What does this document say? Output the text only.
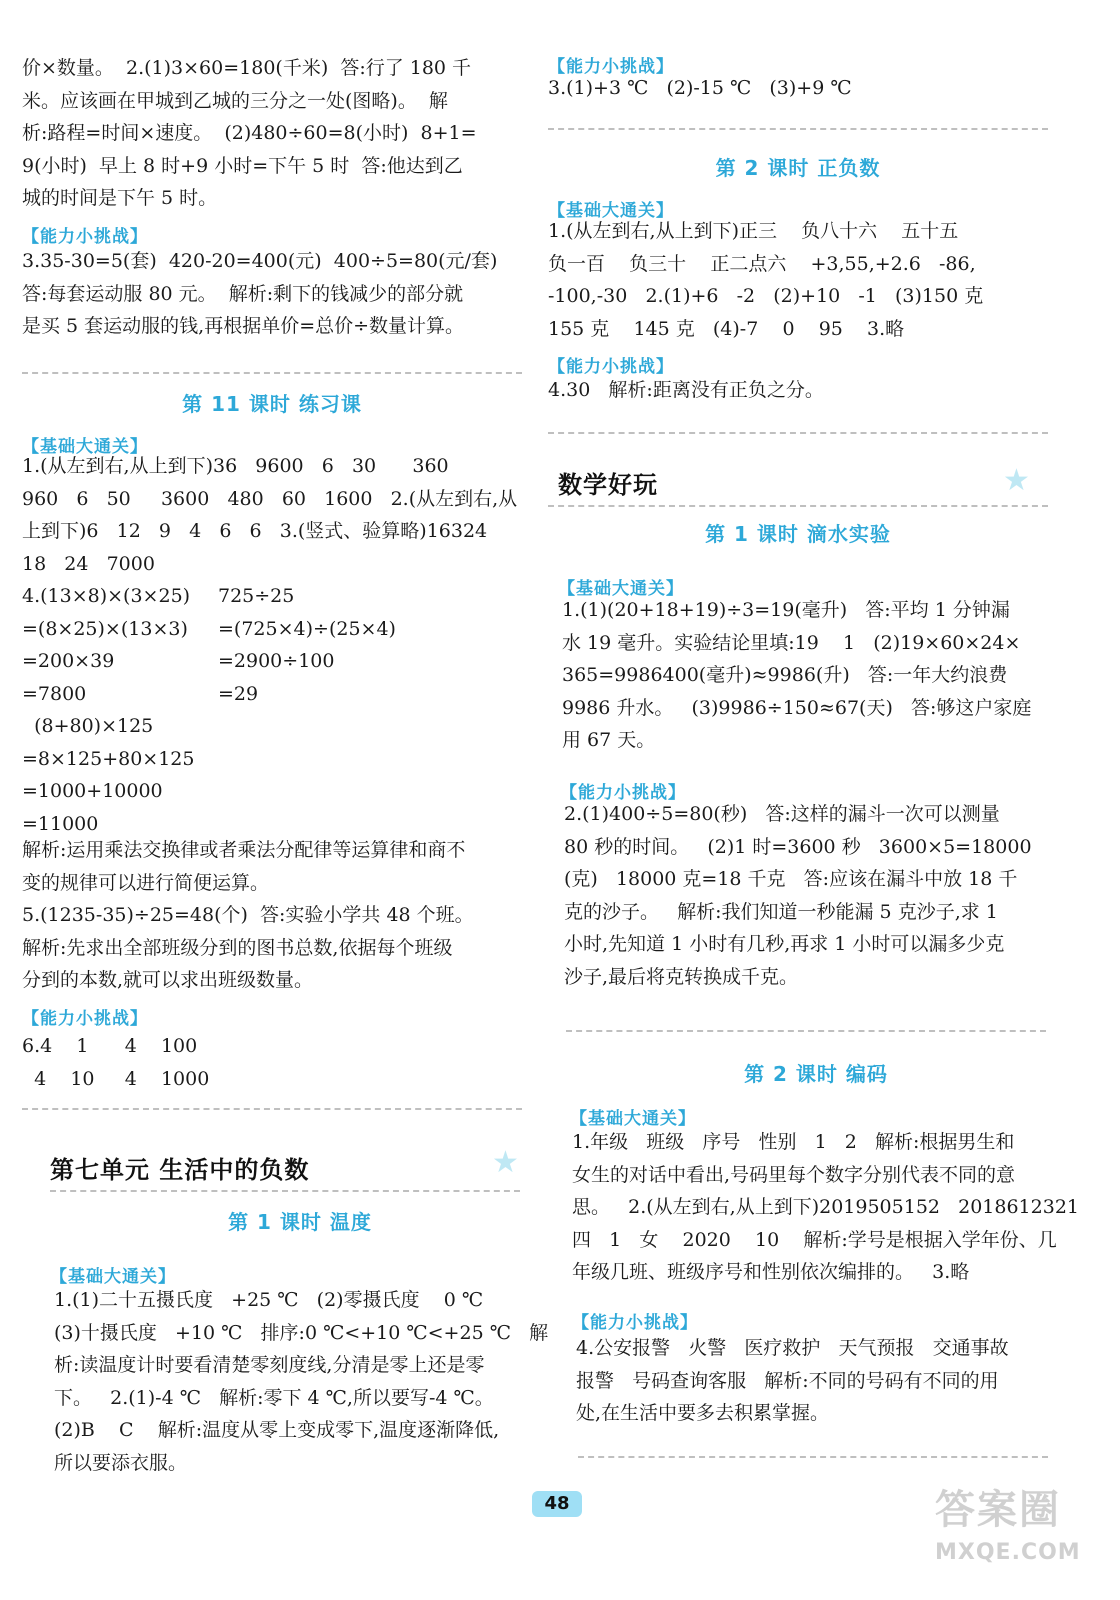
价×数量。  2.(1)3×60=180(千米)  答:行了 180 千
米。应该画在甲城到乙城的三分之一处(图略)。  解
析:路程=时间×速度。  (2)480÷60=8(小时)  8+1=
9(小时)  早上 8 时+9 小时=下午 5 时  答:他达到乙
城的时间是下午 5 时。
【能力小挑战】
3.35-30=5(套)  420-20=400(元)  400÷5=80(元/套)
答:每套运动服 80 元。  解析:剩下的钱减少的部分就
是买 5 套运动服的钱,再根据单价=总价÷数量计算。
第 11 课时 练习课
【基础大通关】
1.(从左到右,从上到下)36   9600   6   30      360
960   6   50     3600   480   60   1600   2.(从左到右,从
上到下)6   12   9   4   6   6   3.(竖式、验算略)16324
18   24   7000
4.(13×8)×(3×25)
=(8×25)×(13×3)
=200×39
=7800
725÷25
=(725×4)÷(25×4)
=2900÷100
=29
(8+80)×125
=8×125+80×125
=1000+10000
=11000
解析:运用乘法交换律或者乘法分配律等运算律和商不
变的规律可以进行简便运算。
5.(1235-35)÷25=48(个)  答:实验小学共 48 个班。
解析:先求出全部班级分到的图书总数,依据每个班级
分到的本数,就可以求出班级数量。
【能力小挑战】
6.4    1      4    100
4    10     4    1000
第七单元 生活中的负数	★
第 1 课时 温度
【基础大通关】
1.(1)二十五摄氏度   +25 ℃   (2)零摄氏度    0 ℃
(3)十摄氏度   +10 ℃   排序:0 ℃<+10 ℃<+25 ℃   解
析:读温度计时要看清楚零刻度线,分清是零上还是零
下。   2.(1)-4 ℃   解析:零下 4 ℃,所以要写-4 ℃。
(2)B    C    解析:温度从零上变成零下,温度逐渐降低,
所以要添衣服。
【能力小挑战】
3.(1)+3 ℃   (2)-15 ℃   (3)+9 ℃
第 2 课时 正负数
【基础大通关】
1.(从左到右,从上到下)正三    负八十六    五十五
负一百    负三十    正二点六    +3,55,+2.6   -86,
-100,-30   2.(1)+6   -2   (2)+10   -1   (3)150 克
155 克    145 克   (4)-7    0    95    3.略
【能力小挑战】
4.30   解析:距离没有正负之分。
数学好玩	★
第 1 课时 滴水实验
【基础大通关】
1.(1)(20+18+19)÷3=19(毫升)   答:平均 1 分钟漏
水 19 毫升。实验结论里填:19    1   (2)19×60×24×
365=9986400(毫升)≈9986(升)   答:一年大约浪费
9986 升水。   (3)9986÷150≈67(天)   答:够这户家庭
用 67 天。
【能力小挑战】
2.(1)400÷5=80(秒)   答:这样的漏斗一次可以测量
80 秒的时间。   (2)1 时=3600 秒   3600×5=18000
(克)   18000 克=18 千克   答:应该在漏斗中放 18 千
克的沙子。   解析:我们知道一秒能漏 5 克沙子,求 1
小时,先知道 1 小时有几秒,再求 1 小时可以漏多少克
沙子,最后将克转换成千克。
第 2 课时 编码
【基础大通关】
1.年级   班级   序号   性别   1   2   解析:根据男生和
女生的对话中看出,号码里每个数字分别代表不同的意
思。   2.(从左到右,从上到下)2019505152   2018612321
四   1   女    2020    10    解析:学号是根据入学年份、几
年级几班、班级序号和性别依次编排的。   3.略
【能力小挑战】
4.公安报警   火警   医疗救护   天气预报   交通事故
报警   号码查询客服   解析:不同的号码有不同的用
处,在生活中要多去积累掌握。
48	答案圈
MXQE.COM
